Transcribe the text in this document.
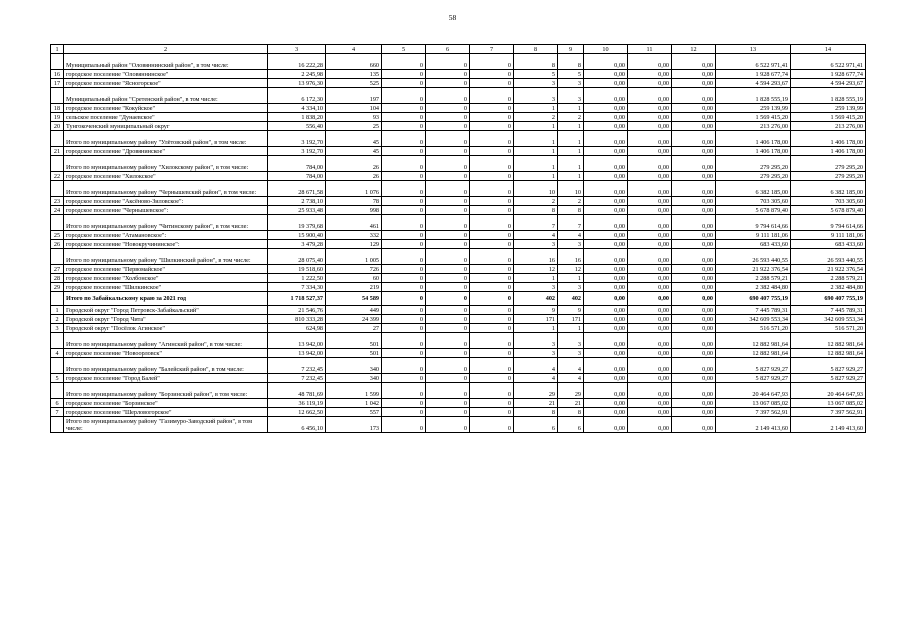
58
1	2	3	4	5	6	7	8	9	10	11	12	13	14
	Муниципальный район "Оловяннинский район", в том числе:	16 222,28	660	0	0	0	8	8	0,00	0,00	0,00	6 522 971,41	6 522 971,41
16	городское поселение "Оловяннинское"	2 245,98	135	0	0	0	5	5	0,00	0,00	0,00	1 928 677,74	1 928 677,74
17	городское поселение "Ясногорское"	13 976,30	525	0	0	0	3	3	0,00	0,00	0,00	4 594 293,67	4 594 293,67
	Муниципальный район "Сретенский район", в том числе:	6 172,30	197	0	0	0	3	3	0,00	0,00	0,00	1 828 555,19	1 828 555,19
18	городское поселение "Кокуйское"	4 334,10	104	0	0	0	1	1	0,00	0,00	0,00	259 139,99	259 139,99
19	сельское поселение "Дунаевское"	1 838,20	93	0	0	0	2	2	0,00	0,00	0,00	1 569 415,20	1 569 415,20
20	Тунгокоченский муниципальный округ	556,40	25	0	0	0	1	1	0,00	0,00	0,00	213 276,00	213 276,00
	Итого по муниципальному району "Улётовский район", в том числе:	3 192,70	45	0	0	0	1	1	0,00	0,00	0,00	1 406 178,00	1 406 178,00
21	городское поселение "Дровянинское"	3 192,70	45	0	0	0	1	1	0,00	0,00	0,00	1 406 178,00	1 406 178,00
	Итого по муниципальному району "Хилокскому район", в том числе:	784,00	26	0	0	0	1	1	0,00	0,00	0,00	279 295,20	279 295,20
22	городское поселение "Хилокское"	784,00	26	0	0	0	1	1	0,00	0,00	0,00	279 295,20	279 295,20
	Итого по муниципальному району "Чернышевский район", в том числе:	28 671,58	1 076	0	0	0	10	10	0,00	0,00	0,00	6 382 185,00	6 382 185,00
23	городское поселение "Аксёново-Зиловское":	2 738,10	78	0	0	0	2	2	0,00	0,00	0,00	703 305,60	703 305,60
24	городское поселение "Чернышевское":	25 933,48	998	0	0	0	8	8	0,00	0,00	0,00	5 678 879,40	5 678 879,40
	Итого по муниципальному району "Читинскому район", в том числе:	19 379,68	461	0	0	0	7	7	0,00	0,00	0,00	9 794 614,66	9 794 614,66
25	городское поселение "Атамановское":	15 900,40	332	0	0	0	4	4	0,00	0,00	0,00	9 111 181,06	9 111 181,06
26	городское поселение "Новокручининское":	3 479,28	129	0	0	0	3	3	0,00	0,00	0,00	683 433,60	683 433,60
	Итого по муниципальному району "Шилкинский район", в том числе:	28 075,40	1 005	0	0	0	16	16	0,00	0,00	0,00	26 593 440,55	26 593 440,55
27	городское поселение "Первомайское"	19 518,60	726	0	0	0	12	12	0,00	0,00	0,00	21 922 376,54	21 922 376,54
28	городское поселение "Холбонское"	1 222,50	60	0	0	0	1	1	0,00	0,00	0,00	2 288 579,21	2 288 579,21
29	городское поселение "Шилкинское"	7 334,30	219	0	0	0	3	3	0,00	0,00	0,00	2 382 484,80	2 382 484,80
	Итого по Забайкальскому краю за 2021 год	1 718 527,37	54 589	0	0	0	402	402	0,00	0,00	0,00	690 407 755,19	690 407 755,19
1	Городской округ "Город Петровск-Забайкальский"	21 546,76	449	0	0	0	9	9	0,00	0,00	0,00	7 445 789,31	7 445 789,31
2	Городской округ "Город Чита"	810 333,28	24 399	0	0	0	171	171	0,00	0,00	0,00	342 609 553,34	342 609 553,34
3	Городской округ "Посёлок Агинское"	624,98	27	0	0	0	1	1	0,00	0,00	0,00	516 571,20	516 571,20
	Итого по муниципальному району "Агинский район", в том числе:	13 942,00	501	0	0	0	3	3	0,00	0,00	0,00	12 882 981,64	12 882 981,64
4	городское поселение "Новоорловск"	13 942,00	501	0	0	0	3	3	0,00	0,00	0,00	12 882 981,64	12 882 981,64
	Итого по муниципальному району "Балейский район", в том числе:	7 232,45	340	0	0	0	4	4	0,00	0,00	0,00	5 827 929,27	5 827 929,27
5	городское поселение "Город Балей"	7 232,45	340	0	0	0	4	4	0,00	0,00	0,00	5 827 929,27	5 827 929,27
	Итого по муниципальному району "Борзинский район", в том числе:	48 781,69	1 599	0	0	0	29	29	0,00	0,00	0,00	20 464 647,93	20 464 647,93
6	городское поселение "Борзинское"	36 119,19	1 042	0	0	0	21	21	0,00	0,00	0,00	13 067 085,02	13 067 085,02
7	городское поселение "Шерловогорское"	12 662,50	557	0	0	0	8	8	0,00	0,00	0,00	7 397 562,91	7 397 562,91
	Итого по муниципальному району "Газимуро-Заводский район", в том числе:	6 456,10	173	0	0	0	6	6	0,00	0,00	0,00	2 149 413,60	2 149 413,60
